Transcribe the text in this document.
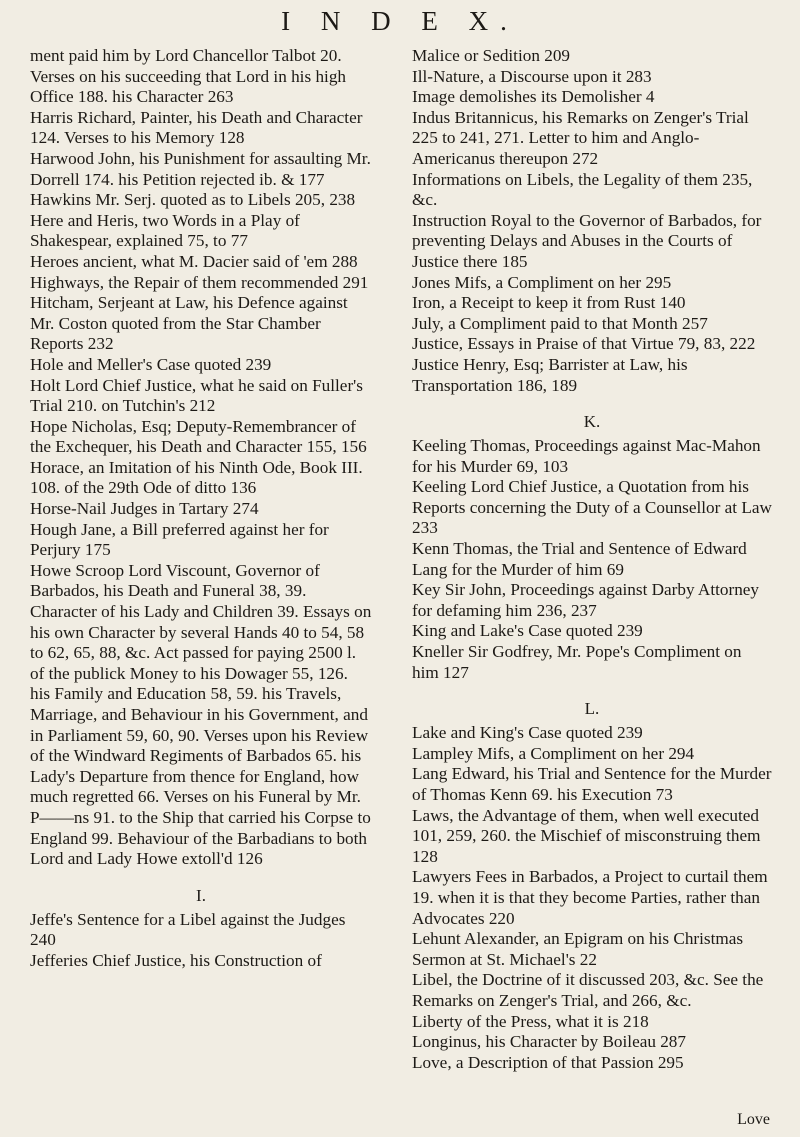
I N D E X.

ment paid him by Lord Chancellor Talbot 20. Verses on his succeeding that Lord in his high Office 188. his Character 263

Harris Richard, Painter, his Death and Character 124. Verses to his Memory 128

Harwood John, his Punishment for assaulting Mr. Dorrell 174. his Petition rejected ib. & 177

Hawkins Mr. Serj. quoted as to Libels 205, 238

Here and Heris, two Words in a Play of Shakespear, explained 75, to 77

Heroes ancient, what M. Dacier said of 'em 288

Highways, the Repair of them recommended 291

Hitcham, Serjeant at Law, his Defence against Mr. Coston quoted from the Star Chamber Reports 232

Hole and Meller's Case quoted 239

Holt Lord Chief Justice, what he said on Fuller's Trial 210. on Tutchin's 212

Hope Nicholas, Esq; Deputy-Remembrancer of the Exchequer, his Death and Character 155, 156

Horace, an Imitation of his Ninth Ode, Book III. 108. of the 29th Ode of ditto 136

Horse-Nail Judges in Tartary 274

Hough Jane, a Bill preferred against her for Perjury 175

Howe Scroop Lord Viscount, Governor of Barbados, his Death and Funeral 38, 39. Character of his Lady and Children 39. Essays on his own Character by several Hands 40 to 54, 58 to 62, 65, 88, &c. Act passed for paying 2500 l. of the publick Money to his Dowager 55, 126. his Family and Education 58, 59. his Travels, Marriage, and Behaviour in his Government, and in Parliament 59, 60, 90. Verses upon his Review of the Windward Regiments of Barbados 65. his Lady's Departure from thence for England, how much regretted 66. Verses on his Funeral by Mr. P——ns 91. to the Ship that carried his Corpse to England 99. Behaviour of the Barbadians to both Lord and Lady Howe extoll'd 126

I.

Jeffe's Sentence for a Libel against the Judges 240

Jefferies Chief Justice, his Construction of

Malice or Sedition 209

Ill-Nature, a Discourse upon it 283

Image demolishes its Demolisher 4

Indus Britannicus, his Remarks on Zenger's Trial 225 to 241, 271. Letter to him and Anglo-Americanus thereupon 272

Informations on Libels, the Legality of them 235, &c.

Instruction Royal to the Governor of Barbados, for preventing Delays and Abuses in the Courts of Justice there 185

Jones Mifs, a Compliment on her 295

Iron, a Receipt to keep it from Rust 140

July, a Compliment paid to that Month 257

Justice, Essays in Praise of that Virtue 79, 83, 222

Justice Henry, Esq; Barrister at Law, his Transportation 186, 189

K.

Keeling Thomas, Proceedings against Mac-Mahon for his Murder 69, 103

Keeling Lord Chief Justice, a Quotation from his Reports concerning the Duty of a Counsellor at Law 233

Kenn Thomas, the Trial and Sentence of Edward Lang for the Murder of him 69

Key Sir John, Proceedings against Darby Attorney for defaming him 236, 237

King and Lake's Case quoted 239

Kneller Sir Godfrey, Mr. Pope's Compliment on him 127

L.

Lake and King's Case quoted 239

Lampley Mifs, a Compliment on her 294

Lang Edward, his Trial and Sentence for the Murder of Thomas Kenn 69. his Execution 73

Laws, the Advantage of them, when well executed 101, 259, 260. the Mischief of misconstruing them 128

Lawyers Fees in Barbados, a Project to curtail them 19. when it is that they become Parties, rather than Advocates 220

Lehunt Alexander, an Epigram on his Christmas Sermon at St. Michael's 22

Libel, the Doctrine of it discussed 203, &c. See the Remarks on Zenger's Trial, and 266, &c.

Liberty of the Press, what it is 218

Longinus, his Character by Boileau 287

Love, a Description of that Passion 295

Love
